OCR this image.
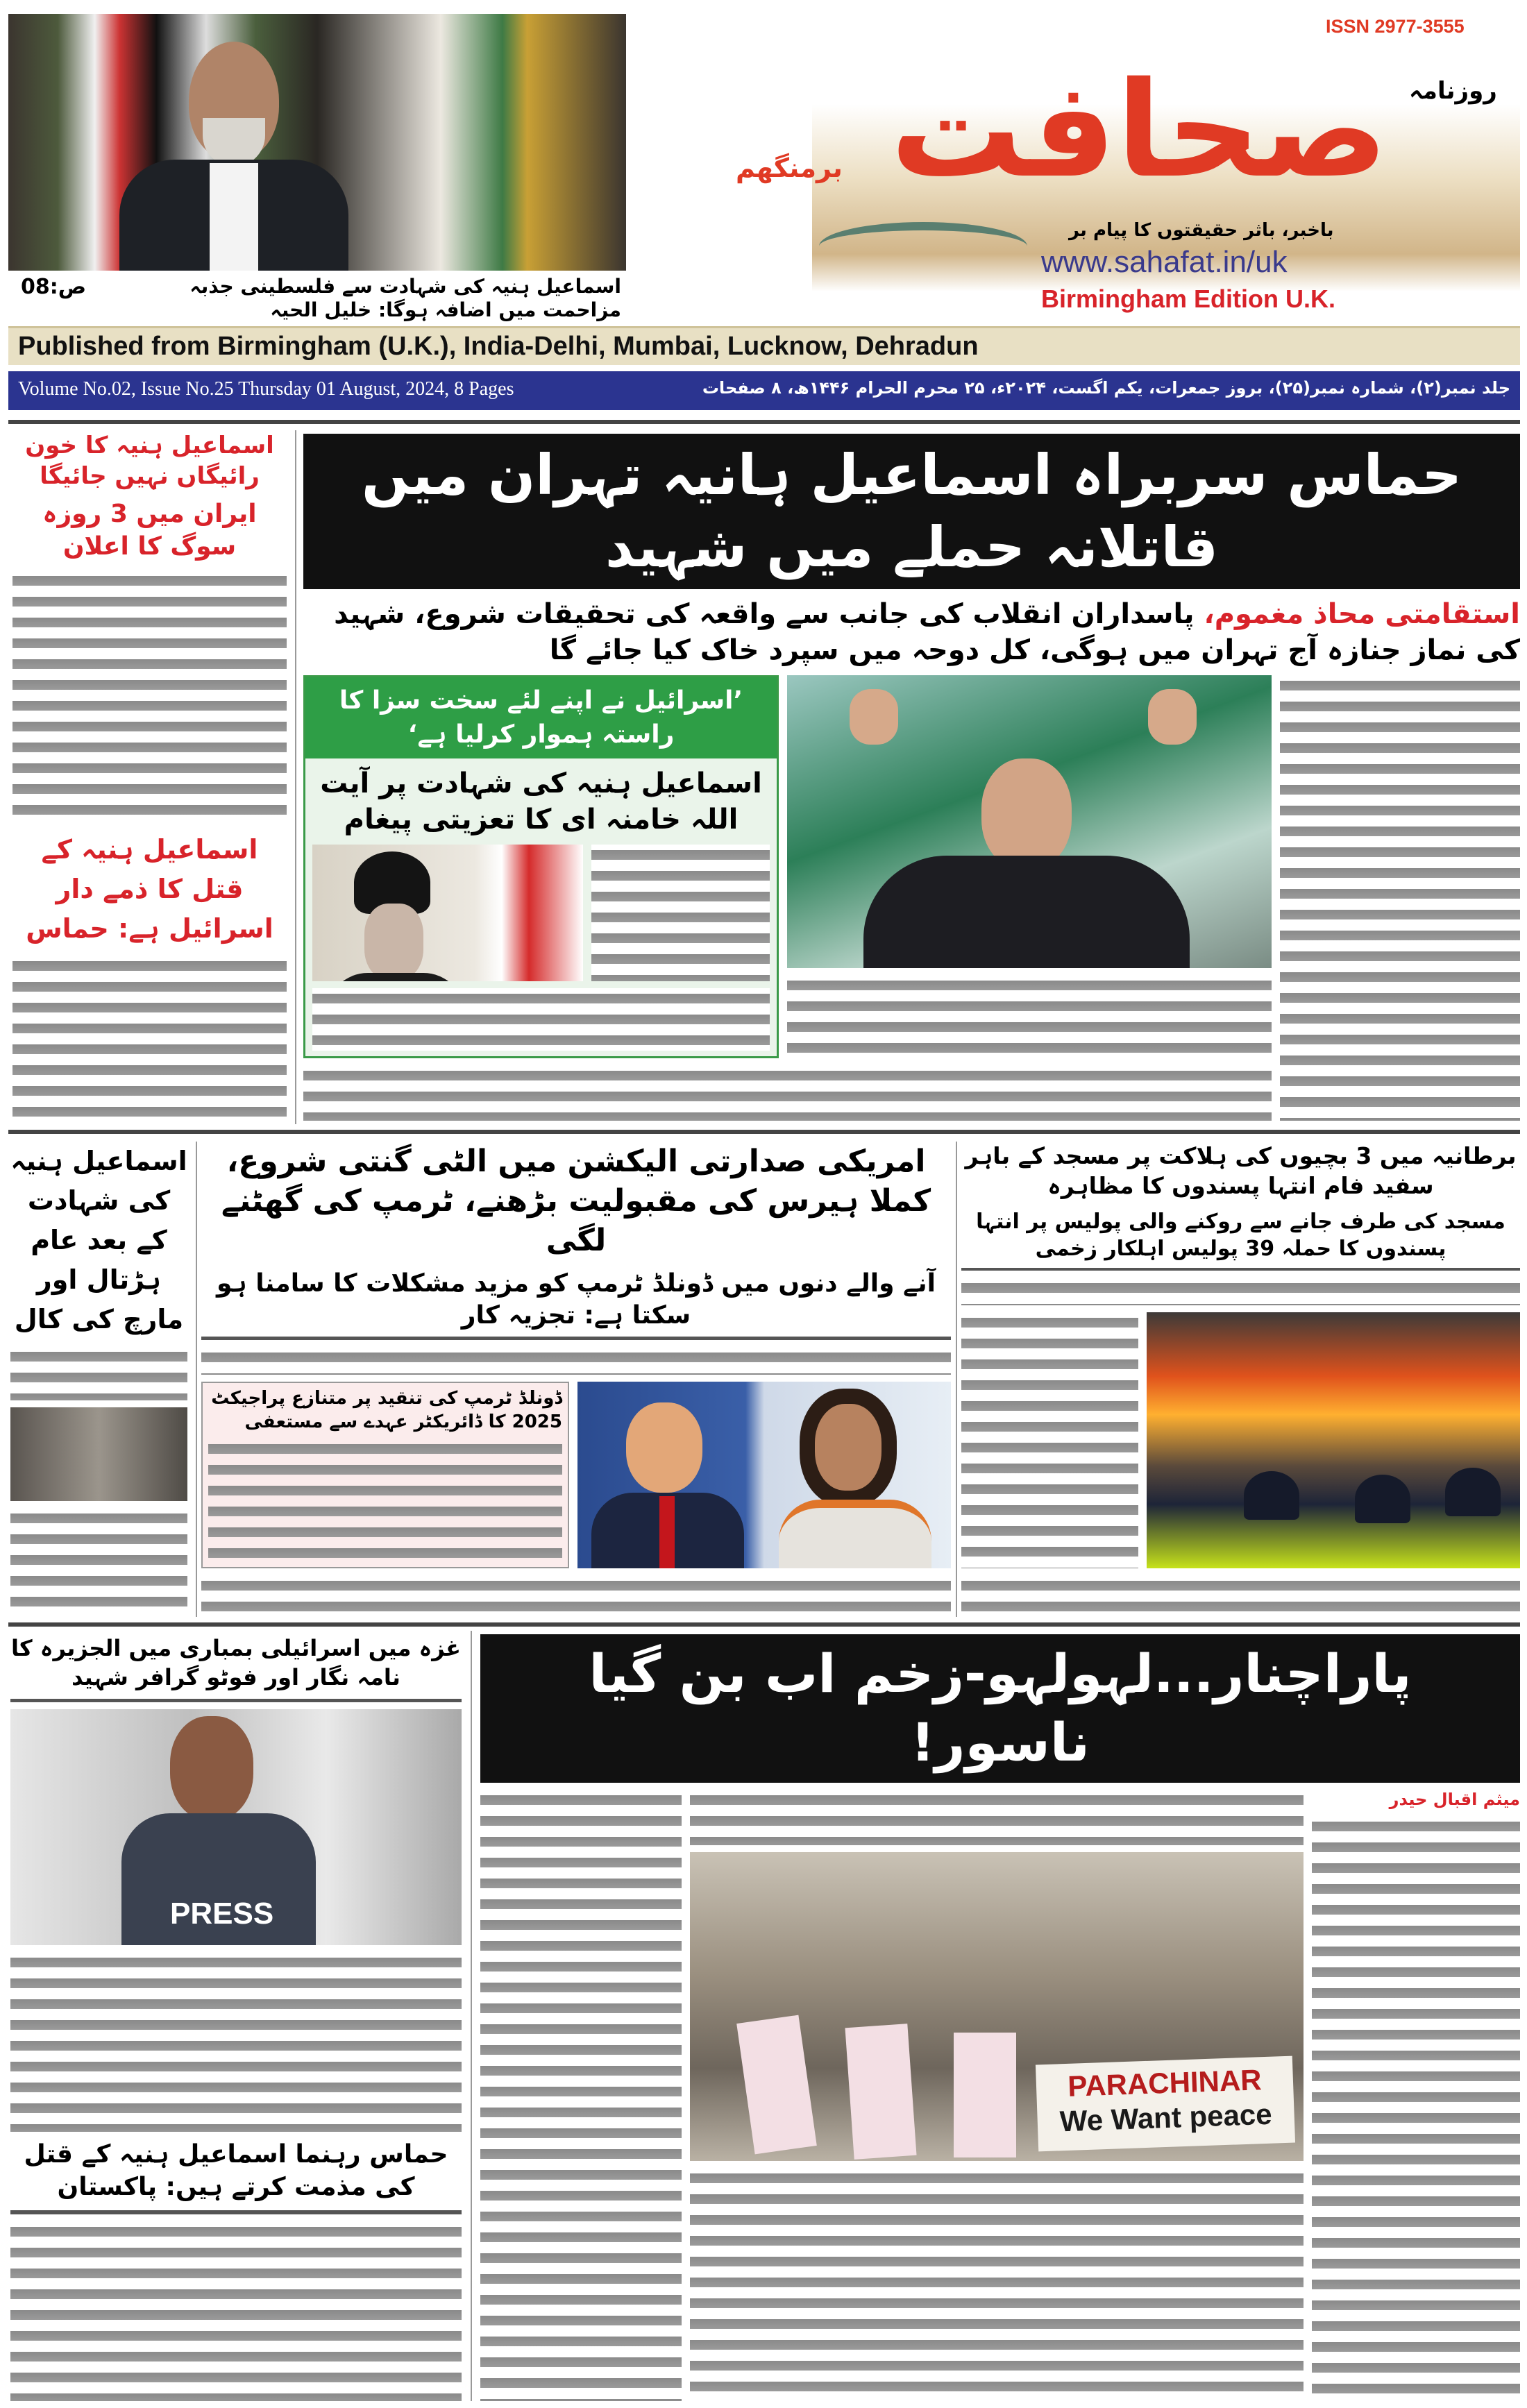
اسماعیل ہنیہ کی شہادت سے فلسطینی جذبہ مزاحمت میں اضافہ ہوگا: خلیل الحیہ
ص:08
ISSN 2977-3555
روزنامہ
صحافت
برمنگھم
باخبر، باثر حقیقتوں کا پیام بر
www.sahafat.in/uk
Birmingham Edition U.K.
Published from Birmingham (U.K.), India-Delhi, Mumbai, Lucknow, Dehradun
Volume No.02, Issue No.25 Thursday 01 August, 2024, 8 Pages	جلد نمبر(۲)، شمارہ نمبر(۲۵)، بروز جمعرات، یکم اگست، ۲۰۲۴ء، ۲۵ محرم الحرام ۱۴۴۶ھ، ۸ صفحات
اسماعیل ہنیہ کا خون رائیگاں نہیں جائیگا
ایران میں 3 روزہ سوگ کا اعلان
اسماعیل ہنیہ کے قتل کا ذمے دار اسرائیل ہے: حماس
حماس سربراہ اسماعیل ہانیہ تہران میں قاتلانہ حملے میں شہید
استقامتی محاذ مغموم، پاسداران انقلاب کی جانب سے واقعہ کی تحقیقات شروع، شہید کی نماز جنازہ آج تہران میں ہوگی، کل دوحہ میں سپرد خاک کیا جائے گا
’اسرائیل نے اپنے لئے سخت سزا کا راستہ ہموار کرلیا ہے‘
اسماعیل ہنیہ کی شہادت پر آیت اللہ خامنہ ای کا تعزیتی پیغام
اسماعیل ہنیہ کی شہادت کے بعد عام ہڑتال اور مارچ کی کال
امریکی صدارتی الیکشن میں الٹی گنتی شروع، کملا ہیرس کی مقبولیت بڑھنے، ٹرمپ کی گھٹنے لگی
آنے والے دنوں میں ڈونلڈ ٹرمپ کو مزید مشکلات کا سامنا ہو سکتا ہے: تجزیہ کار
ڈونلڈ ٹرمپ کی تنقید پر متنازع پراجیکٹ 2025 کا ڈائریکٹر عہدے سے مستعفی
برطانیہ میں 3 بچیوں کی ہلاکت پر مسجد کے باہر سفید فام انتہا پسندوں کا مظاہرہ
مسجد کی طرف جانے سے روکنے والی پولیس پر انتہا پسندوں کا حملہ 39 پولیس اہلکار زخمی
غزہ میں اسرائیلی بمباری میں الجزیرہ کا نامہ نگار اور فوٹو گرافر شہید
PRESS
حماس رہنما اسماعیل ہنیہ کے قتل کی مذمت کرتے ہیں: پاکستان
پاراچنار...لہولہو-زخم اب بن گیا ناسور!
PARACHINAR
We Want peace
میثم اقبال حیدر
